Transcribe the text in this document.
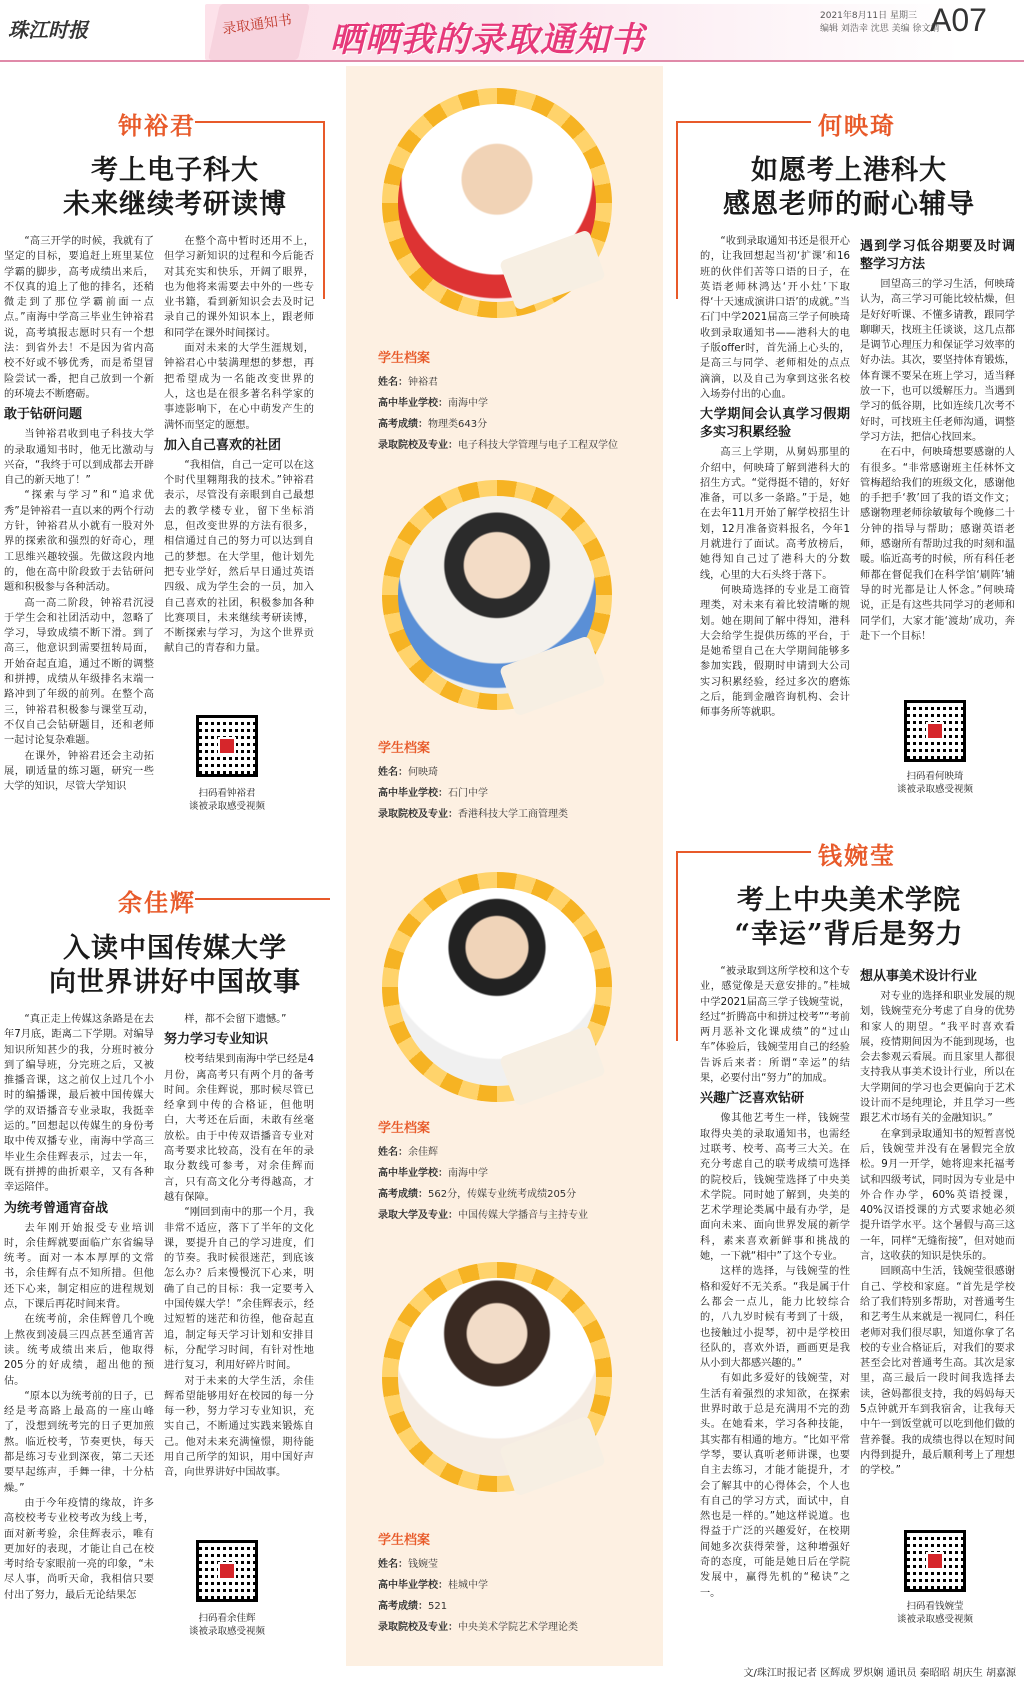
珠江时报	录取通知书 晒晒我的录取通知书
2021年8月11日 星期三
编辑 刘浩幸 沈思 美编 徐文婧
A07
学生档案
姓名：钟裕君
高中毕业学校：南海中学
高考成绩：物理类643分
录取院校及专业：电子科技大学管理与电子工程双学位
学生档案
姓名：何映琦
高中毕业学校：石门中学
录取院校及专业：香港科技大学工商管理类
学生档案
姓名：余佳辉
高中毕业学校：南海中学
高考成绩：562分，传媒专业统考成绩205分
录取大学及专业：中国传媒大学播音与主持专业
学生档案
姓名：钱婉莹
高中毕业学校：桂城中学
高考成绩：521
录取院校及专业：中央美术学院艺术学理论类
钟裕君
考上电子科大
未来继续考研读博

“高三开学的时候，我就有了坚定的目标，要追赶上班里某位学霸的脚步，高考成绩出来后，不仅真的追上了他的排名，还稍微走到了那位学霸前面一点点。”南海中学高三毕业生钟裕君说，高考填报志愿时只有一个想法：到省外去！不是因为省内高校不好或不够优秀，而是希望冒险尝试一番，把自己放到一个新的环境去不断磨砺。

敢于钻研问题

当钟裕君收到电子科技大学的录取通知书时，他无比激动与兴奋，“我终于可以到成都去开辟自己的新天地了！”

“探索与学习”和“追求优秀”是钟裕君一直以来的两个行动方针，钟裕君从小就有一股对外界的探索欲和强烈的好奇心，理工思维兴趣较强。先做这段内地的，他在高中阶段致于去钻研问题和积极参与各种活动。

高一高二阶段，钟裕君沉浸于学生会和社团活动中，忽略了学习，导致成绩不断下滑。到了高三，他意识到需要扭转局面，开始奋起直追，通过不断的调整和拼搏，成绩从年级排名末端一路冲到了年级的前列。在整个高三，钟裕君积极参与课堂互动，不仅自己会钻研题目，还和老师一起讨论复杂难题。

在课外，钟裕君还会主动拓展，刷适量的练习题，研究一些大学的知识，尽管大学知识

在整个高中暂时还用不上，但学习新知识的过程和今后能否对其充实和快乐，开阔了眼界，也为他将来需要去中外的一些专业书籍，看到新知识会去及时记录自己的课外知识本上，跟老师和同学在课外时间探讨。

面对未来的大学生涯规划，钟裕君心中装满理想的梦想，再把希望成为一名能改变世界的人，这也是在很多著名科学家的事迹影响下，在心中萌发产生的满怀而坚定的愿想。

加入自己喜欢的社团

“我相信，自己一定可以在这个时代里翱翔我的技术。”钟裕君表示，尽管没有亲眼到自己最想去的教学楼专业，留下坐标消息，但改变世界的方法有很多，相信通过自己的努力可以达到自己的梦想。在大学里，他计划先把专业学好，然后早日通过英语四级、成为学生会的一员，加入自己喜欢的社团，积极参加各种比赛项目，未来继续考研读博，不断探索与学习，为这个世界贡献自己的青春和力量。

扫码看钟裕君
谈被录取感受视频
何映琦
如愿考上港科大
感恩老师的耐心辅导

“收到录取通知书还是很开心的，让我回想起当初‘扩课’和16班的伙伴们苦等口语的日子，在英语老师林鸿达‘开小灶’下取得‘十天速成演讲口语’的成就。”当石门中学2021届高三学子何映琦收到录取通知书——港科大的电子版offer时，首先涌上心头的，是高三与同学、老师相处的点点滴滴，以及自己为拿到这张名校入场券付出的心血。

大学期间会认真学习假期多实习积累经验

高三上学期，从舅妈那里的介绍中，何映琦了解到港科大的招生方式。“觉得挺不错的，好好准备，可以多一条路。”于是，她在去年11月开始了解学校招生计划，12月准备资料报名，今年1月就进行了面试。高考放榜后，她得知自己过了港科大的分数线，心里的大石头终于落下。

何映琦选择的专业是工商管理类，对未来有着比较清晰的规划。她在期间了解中得知，港科大会给学生提供历练的平台，于是她希望自己在大学期间能够多参加实践，假期时申请到大公司实习积累经验，经过多次的磨炼之后，能到金融咨询机构、会计师事务所等就职。

遇到学习低谷期要及时调整学习方法

回望高三的学习生活，何映琦认为，高三学习可能比较枯燥，但是好好听课、不懂多请教，跟同学聊聊天，找班主任谈谈，这几点都是调节心理压力和保证学习效率的好办法。其次，要坚持体育锻炼，体育课不要呆在班上学习，适当释放一下，也可以缓解压力。当遇到学习的低谷期，比如连续几次考不好时，可找班主任老师沟通，调整学习方法，把信心找回来。

在石中，何映琦想要感谢的人有很多。“非常感谢班主任林怀文管梅超给我们的班级文化，感谢他的手把手‘教’回了我的语文作文；感谢物理老师徐敏敏每个晚修二十分钟的指导与帮助；感谢英语老师，感谢所有帮助过我的时刻和温暖。临近高考的时候，所有科任老师都在督促我们在科学馆‘刷阵’辅导的时光都是让人怀念。”何映琦说，正是有这些共同学习的老师和同学们，大家才能‘渡劫’成功，奔赴下一个目标！

扫码看何映琦
谈被录取感受视频
余佳辉
入读中国传媒大学
向世界讲好中国故事

“真正走上传媒这条路是在去年7月底，距离二下学期。对编导知识所知甚少的我，分班时被分到了编导班，分完班之后，又被推播音课，这之前仅上过几个小时的编播课，最后被中国传媒大学的双语播音专业录取，我挺幸运的。”回想起以传媒生的身份考取中传双播专业，南海中学高三毕业生余佳辉表示，过去一年，既有拼搏的曲折艰辛，又有各种幸运陪伴。

为统考曾通宵奋战

去年刚开始报受专业培训时，余佳辉就要面临广东省编导统考。面对一本本厚厚的文常书，余佳辉有点不知所措。但他还下心来，制定相应的进程规划点，下课后再花时间来背。

在统考前，余佳辉曾几个晚上熬夜到凌晨三四点甚至通宵苦读。统考成绩出来后，他取得205分的好成绩，超出他的预估。

“原本以为统考前的日子，已经是考高路上最高的一座山峰了，没想到统考完的日子更加煎熬。临近校考，节奏更快，每天都是练习专业到深夜，第二天还要早起练声，手舞一律，十分枯燥。”

由于今年疫情的缘故，许多高校校考专业校考改为线上考，面对新考验，余佳辉表示，唯有更加好的表现，才能让自己在校考时给专家眼前一亮的印象，“未尽人事，尚听天命，我相信只要付出了努力，最后无论结果怎

样，都不会留下遗憾。”

努力学习专业知识

校考结果到南海中学已经是4月份，离高考只有两个月的备考时间。余佳辉说，那时候尽管已经拿到中传的合格证，但他明白，大考还在后面，未敢有丝毫放松。由于中传双语播音专业对高考要求比较高，没有在年的录取分数线可参考，对余佳辉而言，只有高文化分考得越高，才越有保障。

“刚回到南中的那一个月，我非常不适应，落下了半年的文化课，要提升自己的学习进度，们的节奏。我时候很迷茫，到底该怎么办？后来慢慢沉下心来，明确了自己的目标：我一定要考入中国传媒大学！”余佳辉表示，经过短暂的迷茫和彷徨，他奋起直追，制定每天学习计划和安排目标，分配学习时间，有针对性地进行复习，利用好碎片时间。

对于未来的大学生活，余佳辉希望能够用好在校园的每一分每一秒，努力学习专业知识，充实自己，不断通过实践来锻炼自己。他对未来充满憧憬，期待能用自己所学的知识，用中国好声音，向世界讲好中国故事。

扫码看余佳辉
谈被录取感受视频
钱婉莹
考上中央美术学院
“幸运”背后是努力

“被录取到这所学校和这个专业，感觉像是天意安排的。”桂城中学2021届高三学子钱婉莹说，经过“折腾高中和拼过校考”“考前两月恶补文化课成绩”的“过山车”体验后，钱婉莹用自己的经验告诉后来者：所谓“幸运”的结果，必要付出“努力”的加成。

兴趣广泛喜欢钻研

像其他艺考生一样，钱婉莹取得央美的录取通知书，也需经过联考、校考、高考三大关。在充分考虑自己的联考成绩可选择的院校后，钱婉莹选择了中央美术学院。同时她了解到，央美的艺术学理论类属中最有办学，是面向未来、面向世界发展的新学科，素来喜欢新鲜事和挑战的她，一下就“相中”了这个专业。

这样的选择，与钱婉莹的性格和爱好不无关系。“我是属于什么都会一点儿，能力比较综合的，八九岁时候有考到了十级，也接触过小提琴，初中是学校田径队的，喜欢外语，画画更是我从小到大都感兴趣的。”

有如此多爱好的钱婉莹，对生活有着强烈的求知欲，在探索世界时敢于总是充满用不完的劲头。在她看来，学习各种技能，其实都有相通的地方。“比如平常学琴，要认真听老师讲课，也要自主去练习，才能才能提升，才会了解其中的心得体会，个人也有自己的学习方式，面试中，自然也是一样的。”她这样说道。也得益于广泛的兴趣爱好，在校期间她多次获得荣誉，这种增强好奇的态度，可能是她日后在学院发展中，赢得先机的“秘诀”之一。

想从事美术设计行业

对专业的选择和职业发展的规划，钱婉莹充分考虑了自身的优势和家人的期望。“我平时喜欢看展，疫情期间因为不能到现场，也会去参观云看展。而且家里人都很支持我从事美术设计行业，所以在大学期间的学习也会更偏向于艺术设计而不是纯理论，并且学习一些跟艺术市场有关的金融知识。”

在拿到录取通知书的短暂喜悦后，钱婉莹并没有在暑假完全放松。9月一开学，她将迎来托福考试和四级考试，同时因为专业是中外合作办学，60%英语授课，40%汉语授课的方式要求她必须提升语学水平。这个暑假与高三这一年，同样“无缝衔接”，但对她而言，这收获的知识是快乐的。

回顾高中生活，钱婉莹很感谢自己、学校和家庭。“首先是学校给了我们特别多帮助，对普通考生和艺考生从来就是一视同仁，科任老师对我们很尽职，知道你拿了名校的专业合格证后，对我们的要求甚至会比对普通考生高。其次是家里，高三最后一段时间我选择去读，爸妈都很支持，我的妈妈每天5点钟就开车到我宿舍，让我每天中午一到饭堂就可以吃到他们做的营养餐。我的成绩也得以在短时间内得到提升，最后顺利考上了理想的学校。”

扫码看钱婉莹
谈被录取感受视频
文/珠江时报记者 区辉成 罗炽娴 通讯员 秦昭昭 胡庆生 胡嘉源
